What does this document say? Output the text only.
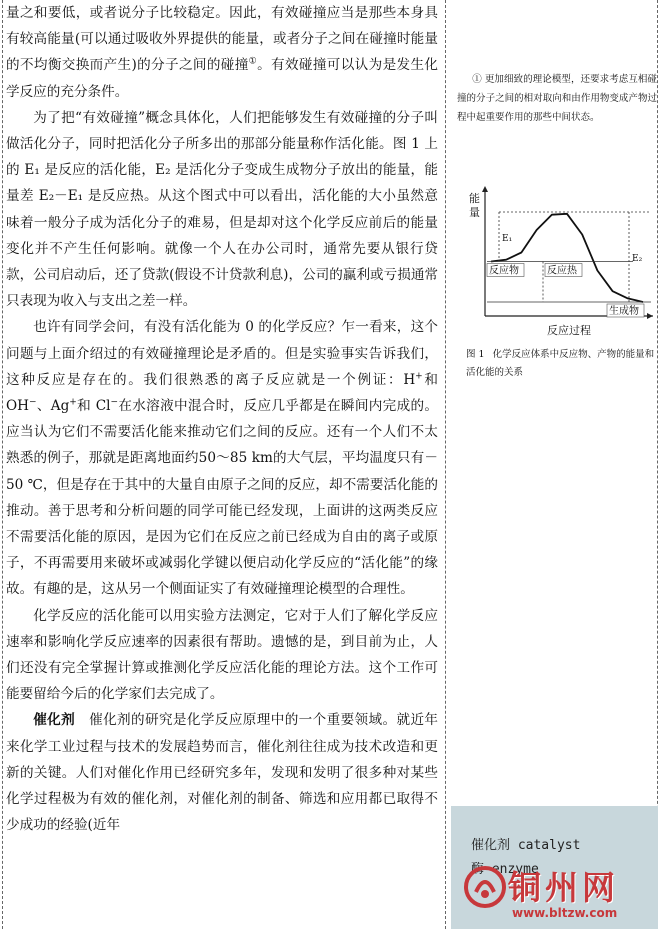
量之和要低，或者说分子比较稳定。因此，有效碰撞应当是那些本身具有较高能量(可以通过吸收外界提供的能量，或者分子之间在碰撞时能量的不均衡交换而产生)的分子之间的碰撞①。有效碰撞可以认为是发生化学反应的充分条件。

为了把“有效碰撞”概念具体化，人们把能够发生有效碰撞的分子叫做活化分子，同时把活化分子所多出的那部分能量称作活化能。图 1 上的 E₁ 是反应的活化能，E₂ 是活化分子变成生成物分子放出的能量，能量差 E₂－E₁ 是反应热。从这个图式中可以看出，活化能的大小虽然意味着一般分子成为活化分子的难易，但是却对这个化学反应前后的能量变化并不产生任何影响。就像一个人在办公司时，通常先要从银行贷款，公司启动后，还了贷款(假设不计贷款利息)，公司的赢利或亏损通常只表现为收入与支出之差一样。

也许有同学会问，有没有活化能为 0 的化学反应？乍一看来，这个问题与上面介绍过的有效碰撞理论是矛盾的。但是实验事实告诉我们，这种反应是存在的。我们很熟悉的离子反应就是一个例证：H+和 OH−、Ag+和 Cl−在水溶液中混合时，反应几乎都是在瞬间内完成的。应当认为它们不需要活化能来推动它们之间的反应。还有一个人们不太熟悉的例子，那就是距离地面约50～85 km的大气层，平均温度只有－50 ℃，但是存在于其中的大量自由原子之间的反应，却不需要活化能的推动。善于思考和分析问题的同学可能已经发现，上面讲的这两类反应不需要活化能的原因，是因为它们在反应之前已经成为自由的离子或原子，不再需要用来破坏或减弱化学键以便启动化学反应的“活化能”的缘故。有趣的是，这从另一个侧面证实了有效碰撞理论模型的合理性。

化学反应的活化能可以用实验方法测定，它对于人们了解化学反应速率和影响化学反应速率的因素很有帮助。遗憾的是，到目前为止，人们还没有完全掌握计算或推测化学反应活化能的理论方法。这个工作可能要留给今后的化学家们去完成了。

催化剂　 催化剂的研究是化学反应原理中的一个重要领域。就近年来化学工业过程与技术的发展趋势而言，催化剂往往成为技术改造和更新的关键。人们对催化作用已经研究多年，发现和发明了很多种对某些化学过程极为有效的催化剂，对催化剂的制备、筛选和应用都已取得不少成功的经验(近年

① 更加细致的理论模型，还要求考虑互相碰撞的分子之间的相对取向和由作用物变成产物过程中起重要作用的那些中间状态。
能
量
反应过程
E₁
E₂
反应物	反应热
生成物
图 1 化学反应体系中反应物、产物的能量和活化能的关系
催化剂 catalyst
酶 enzyme
铜州网
www.bltzw.com
